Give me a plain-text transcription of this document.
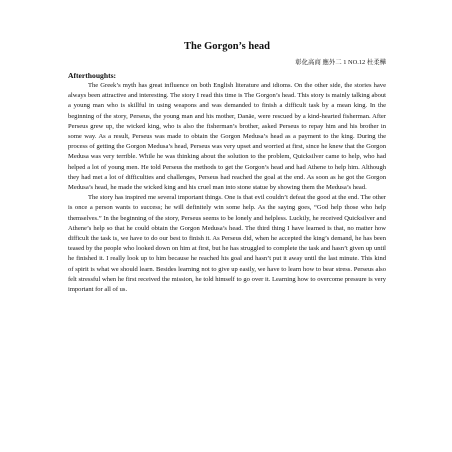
The Gorgon’s head
彰化高商 應外二 1 NO.12 杜柔樺
Afterthoughts:

The Greek’s myth has great influence on both English literature and idioms. On the other side, the stories have always been attractive and interesting. The story I read this time is The Gorgon’s head. This story is mainly talking about a young man who is skillful in using weapons and was demanded to finish a difficult task by a mean king. In the beginning of the story, Perseus, the young man and his mother, Danäe, were rescued by a kind-hearted fisherman. After Perseus grew up, the wicked king, who is also the fisherman’s brother, asked Perseus to repay him and his brother in some way. As a result, Perseus was made to obtain the Gorgon Medusa’s head as a payment to the king. During the process of getting the Gorgon Medusa’s head, Perseus was very upset and worried at first, since he knew that the Gorgon Medusa was very terrible. While he was thinking about the solution to the problem, Quicksilver came to help, who had helped a lot of young men. He told Perseus the methods to get the Gorgon’s head and had Athene to help him. Although they had met a lot of difficulties and challenges, Perseus had reached the goal at the end. As soon as he got the Gorgon Medusa’s head, he made the wicked king and his cruel man into stone statue by showing them the Medusa’s head.

The story has inspired me several important things. One is that evil couldn’t defeat the good at the end. The other is once a person wants to success; he will definitely win some help. As the saying goes, “God help those who help themselves.” In the beginning of the story, Perseus seems to be lonely and helpless. Luckily, he received Quicksilver and Athene’s help so that he could obtain the Gorgon Medusa’s head. The third thing I have learned is that, no matter how difficult the task is, we have to do our best to finish it. As Perseus did, when he accepted the king’s demand, he has been teased by the people who looked down on him at first, but he has struggled to complete the task and hasn’t given up until he finished it. I really look up to him because he reached his goal and hasn’t put it away until the last minute. This kind of spirit is what we should learn. Besides learning not to give up easily, we have to learn how to bear stress. Perseus also felt stressful when he first received the mission, he told himself to go over it. Learning how to overcome pressure is very important for all of us.
